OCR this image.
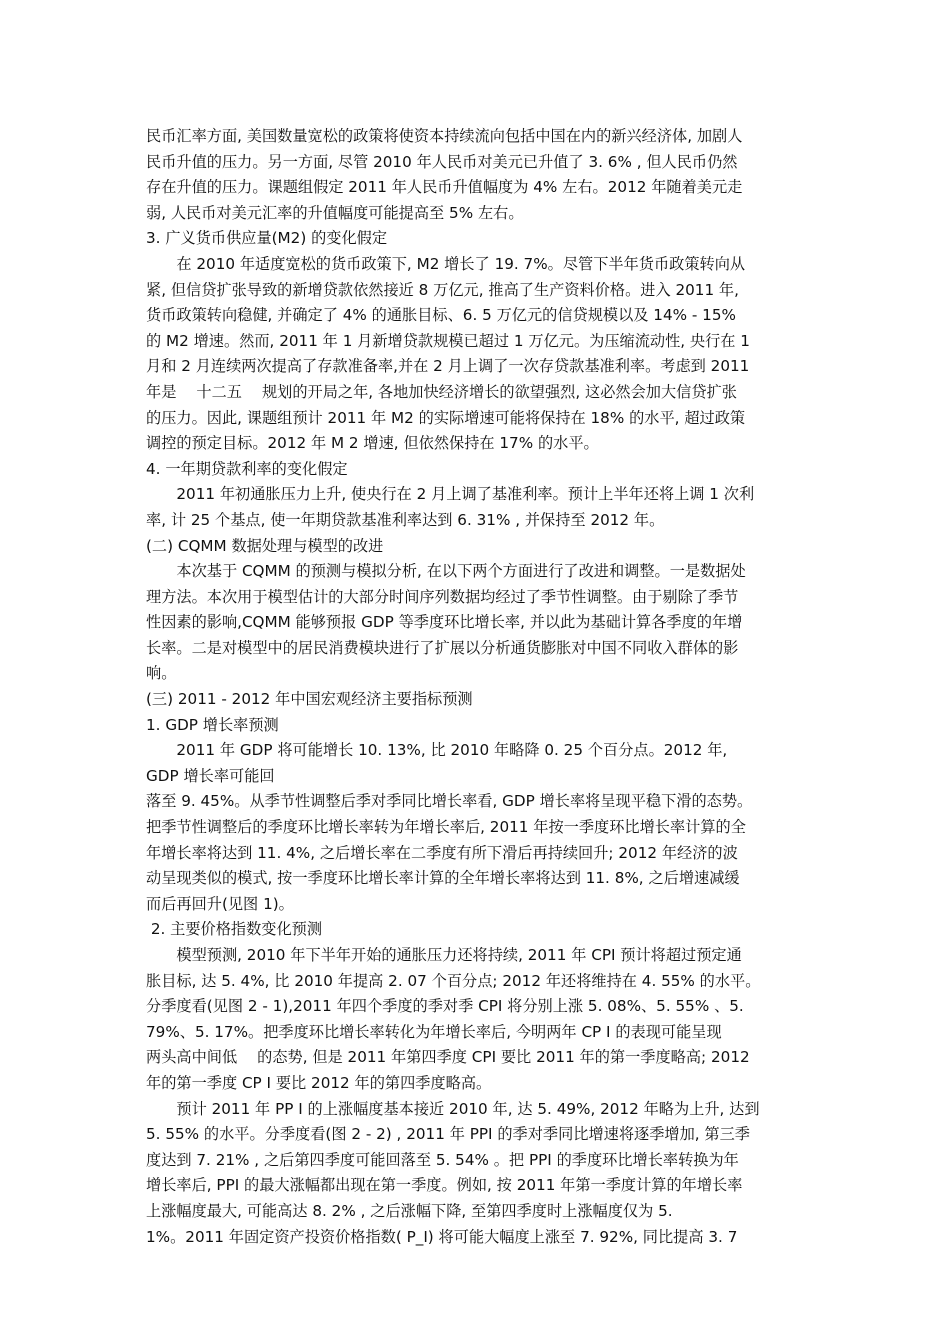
民币汇率方面, 美国数量宽松的政策将使资本持续流向包括中国在内的新兴经济体, 加剧人
民币升值的压力。另一方面, 尽管 2010 年人民币对美元已升值了 3. 6% , 但人民币仍然
存在升值的压力。课题组假定 2011 年人民币升值幅度为 4% 左右。2012 年随着美元走
弱, 人民币对美元汇率的升值幅度可能提高至 5% 左右。
3. 广义货币供应量(M2) 的变化假定
　　在 2010 年适度宽松的货币政策下, M2 增长了 19. 7%。尽管下半年货币政策转向从
紧, 但信贷扩张导致的新增贷款依然接近 8 万亿元, 推高了生产资料价格。进入 2011 年,
货币政策转向稳健, 并确定了 4% 的通胀目标、6. 5 万亿元的信贷规模以及 14% - 15%
的 M2 增速。然而, 2011 年 1 月新增贷款规模已超过 1 万亿元。为压缩流动性, 央行在 1
月和 2 月连续两次提高了存款准备率,并在 2 月上调了一次存贷款基准利率。考虑到 2011
年是　 十二五　 规划的开局之年, 各地加快经济增长的欲望强烈, 这必然会加大信贷扩张
的压力。因此, 课题组预计 2011 年 M2 的实际增速可能将保持在 18% 的水平, 超过政策
调控的预定目标。2012 年 M 2 增速, 但依然保持在 17% 的水平。
4. 一年期贷款利率的变化假定
　　2011 年初通胀压力上升, 使央行在 2 月上调了基准利率。预计上半年还将上调 1 次利
率, 计 25 个基点, 使一年期贷款基准利率达到 6. 31% , 并保持至 2012 年。
(二) CQMM 数据处理与模型的改进
　　本次基于 CQMM 的预测与模拟分析, 在以下两个方面进行了改进和调整。一是数据处
理方法。本次用于模型估计的大部分时间序列数据均经过了季节性调整。由于剔除了季节
性因素的影响,CQMM 能够预报 GDP 等季度环比增长率, 并以此为基础计算各季度的年增
长率。二是对模型中的居民消费模块进行了扩展以分析通货膨胀对中国不同收入群体的影
响。
(三) 2011 - 2012 年中国宏观经济主要指标预测
1. GDP 增长率预测
　　2011 年 GDP 将可能增长 10. 13%, 比 2010 年略降 0. 25 个百分点。2012 年,
GDP 增长率可能回
落至 9. 45%。从季节性调整后季对季同比增长率看, GDP 增长率将呈现平稳下滑的态势。
把季节性调整后的季度环比增长率转为年增长率后, 2011 年按一季度环比增长率计算的全
年增长率将达到 11. 4%, 之后增长率在二季度有所下滑后再持续回升; 2012 年经济的波
动呈现类似的模式, 按一季度环比增长率计算的全年增长率将达到 11. 8%, 之后增速减缓
而后再回升(见图 1)。
2. 主要价格指数变化预测
　　模型预测, 2010 年下半年开始的通胀压力还将持续, 2011 年 CPI 预计将超过预定通
胀目标, 达 5. 4%, 比 2010 年提高 2. 07 个百分点; 2012 年还将维持在 4. 55% 的水平。
分季度看(见图 2 - 1),2011 年四个季度的季对季 CPI 将分别上涨 5. 08%、5. 55% 、5.
79%、5. 17%。把季度环比增长率转化为年增长率后, 今明两年 CP I 的表现可能呈现
两头高中间低　 的态势, 但是 2011 年第四季度 CPI 要比 2011 年的第一季度略高; 2012
年的第一季度 CP I 要比 2012 年的第四季度略高。
　　预计 2011 年 PP I 的上涨幅度基本接近 2010 年, 达 5. 49%, 2012 年略为上升, 达到
5. 55% 的水平。分季度看(图 2 - 2) , 2011 年 PPI 的季对季同比增速将逐季增加, 第三季
度达到 7. 21% , 之后第四季度可能回落至 5. 54% 。把 PPI 的季度环比增长率转换为年
增长率后, PPI 的最大涨幅都出现在第一季度。例如, 按 2011 年第一季度计算的年增长率
上涨幅度最大, 可能高达 8. 2% , 之后涨幅下降, 至第四季度时上涨幅度仅为 5.
1%。2011 年固定资产投资价格指数( P_I) 将可能大幅度上涨至 7. 92%, 同比提高 3. 7
